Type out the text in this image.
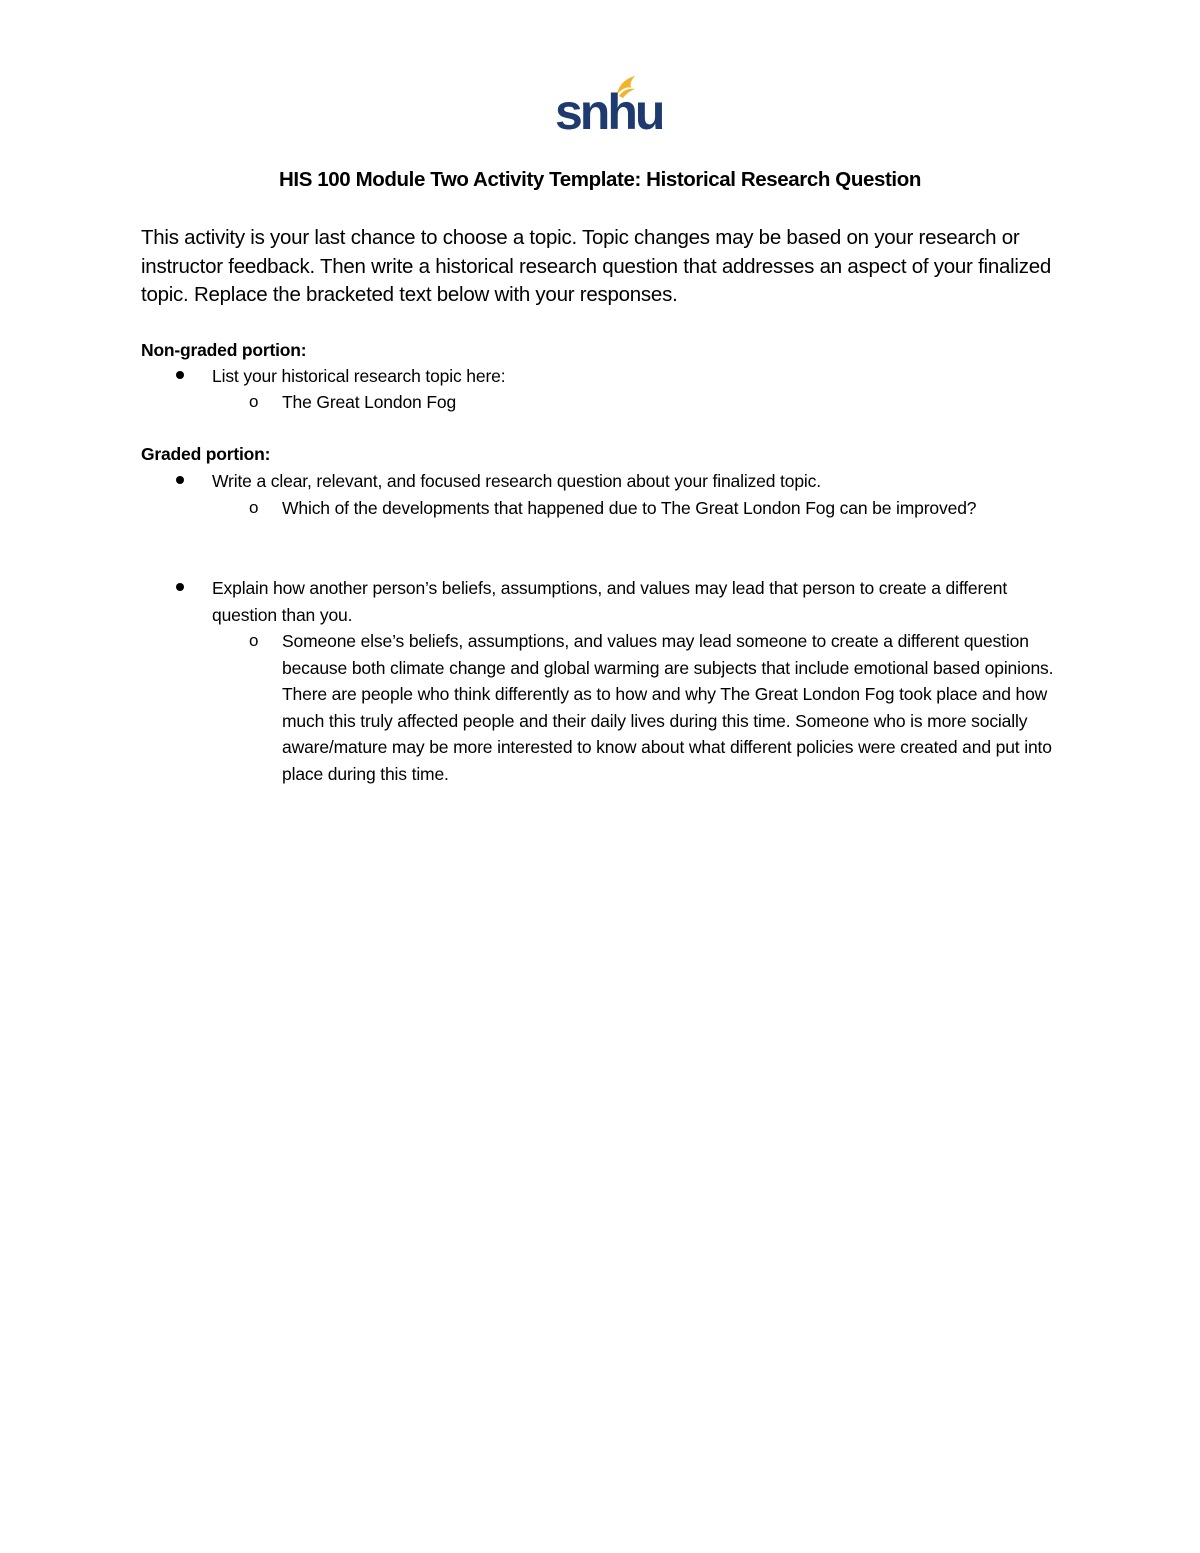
snhu
HIS 100 Module Two Activity Template: Historical Research Question
This activity is your last chance to choose a topic. Topic changes may be based on your research or instructor feedback. Then write a historical research question that addresses an aspect of your finalized topic. Replace the bracketed text below with your responses.
Non-graded portion:
List your historical research topic here:
o The Great London Fog
Graded portion:
Write a clear, relevant, and focused research question about your finalized topic.
o Which of the developments that happened due to The Great London Fog can be improved?
Explain how another person’s beliefs, assumptions, and values may lead that person to create a different question than you.
o Someone else’s beliefs, assumptions, and values may lead someone to create a different question because both climate change and global warming are subjects that include emotional based opinions. There are people who think differently as to how and why The Great London Fog took place and how much this truly affected people and their daily lives during this time. Someone who is more socially aware/mature may be more interested to know about what different policies were created and put into place during this time.
